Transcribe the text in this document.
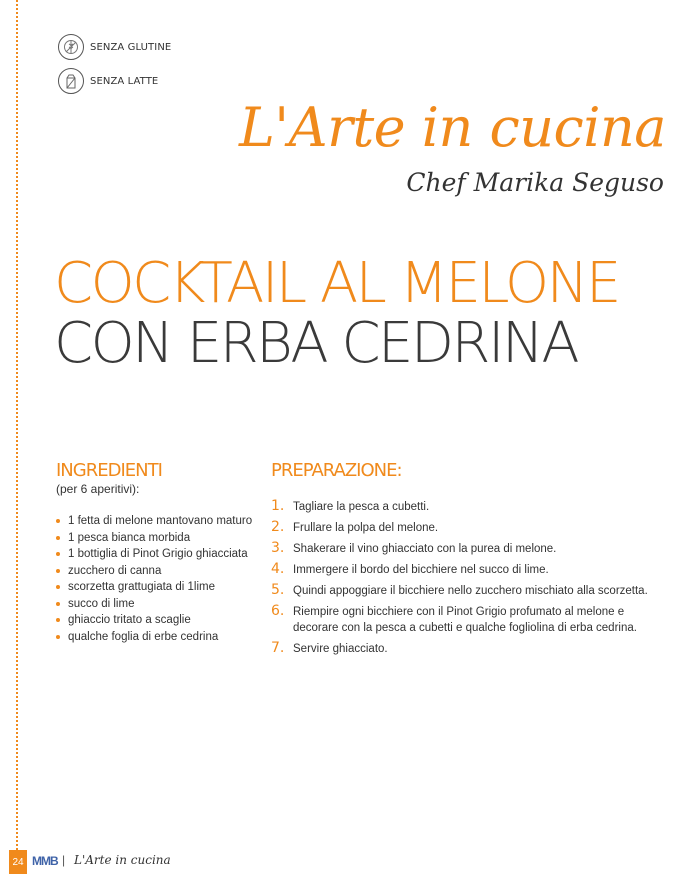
SENZA GLUTINE
SENZA LATTE
L'Arte in cucina
Chef Marika Seguso
COCKTAIL AL MELONE
CON ERBA CEDRINA
INGREDIENTI
(per 6 aperitivi):
1 fetta di melone mantovano maturo
1 pesca bianca morbida
1 bottiglia di Pinot Grigio ghiacciata
zucchero di canna
scorzetta grattugiata di 1lime
succo di lime
ghiaccio tritato a scaglie
qualche foglia di erbe cedrina
PREPARAZIONE:
1. Tagliare la pesca a cubetti.
2. Frullare la polpa del melone.
3. Shakerare il vino ghiacciato con la purea di melone.
4. Immergere il bordo del bicchiere nel succo di lime.
5. Quindi appoggiare il bicchiere nello zucchero mischiato alla scorzetta.
6. Riempire ogni bicchiere con il Pinot Grigio profumato al melone e decorare con la pesca a cubetti e qualche fogliolina di erba cedrina.
7. Servire ghiacciato.
24 MMB | L'Arte in cucina
